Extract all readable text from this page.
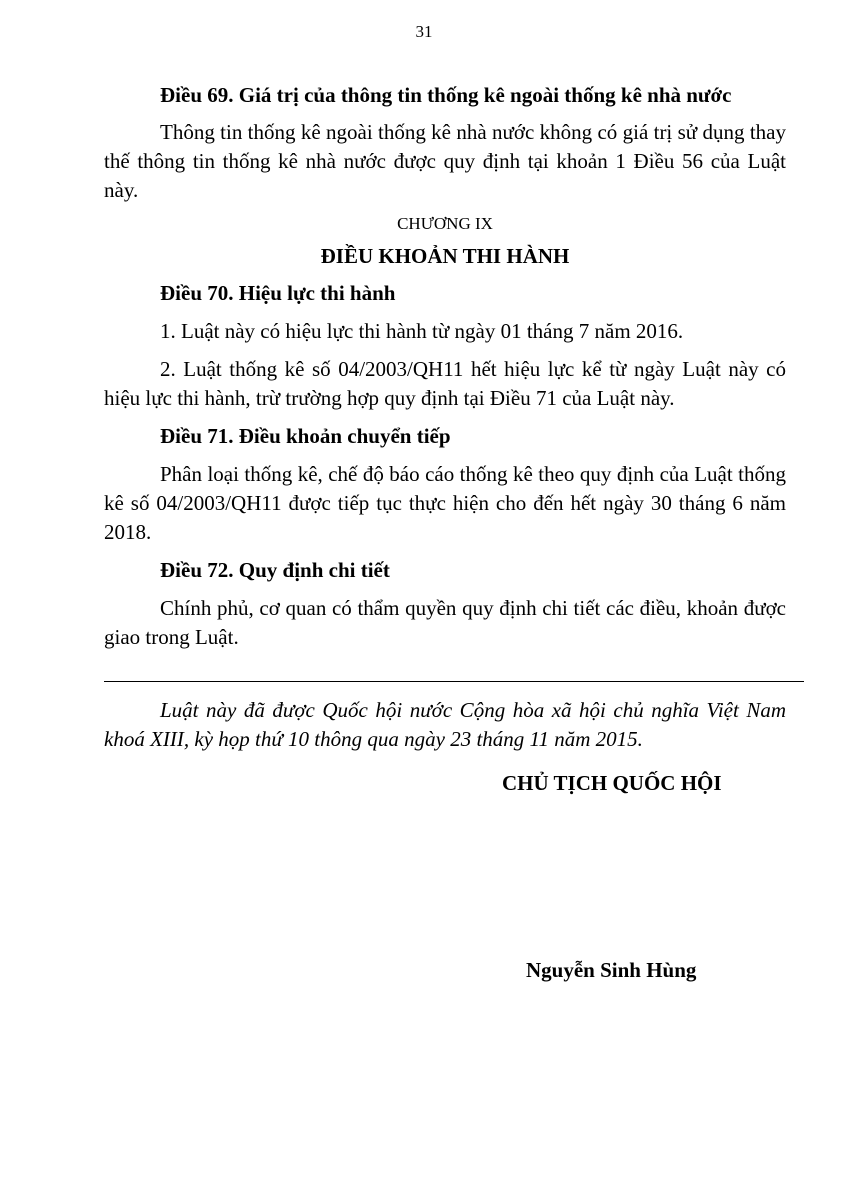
31

Điều 69. Giá trị của thông tin thống kê ngoài thống kê nhà nước

Thông tin thống kê ngoài thống kê nhà nước không có giá trị sử dụng thay thế thông tin thống kê nhà nước được quy định tại khoản 1 Điều 56 của Luật này.

CHƯƠNG IX

ĐIỀU KHOẢN THI HÀNH

Điều 70. Hiệu lực thi hành

1. Luật này có hiệu lực thi hành từ ngày 01 tháng 7 năm 2016.

2. Luật thống kê số 04/2003/QH11 hết hiệu lực kể từ ngày Luật này có hiệu lực thi hành, trừ trường hợp quy định tại Điều 71 của Luật này.

Điều 71. Điều khoản chuyển tiếp

Phân loại thống kê, chế độ báo cáo thống kê theo quy định của Luật thống kê số 04/2003/QH11 được tiếp tục thực hiện cho đến hết ngày 30 tháng 6 năm 2018.

Điều 72. Quy định chi tiết

Chính phủ, cơ quan có thẩm quyền quy định chi tiết các điều, khoản được giao trong Luật.

Luật này đã được Quốc hội nước Cộng hòa xã hội chủ nghĩa Việt Nam khoá XIII, kỳ họp thứ 10 thông qua ngày 23 tháng 11 năm 2015.

CHỦ TỊCH QUỐC HỘI

Nguyễn Sinh Hùng
